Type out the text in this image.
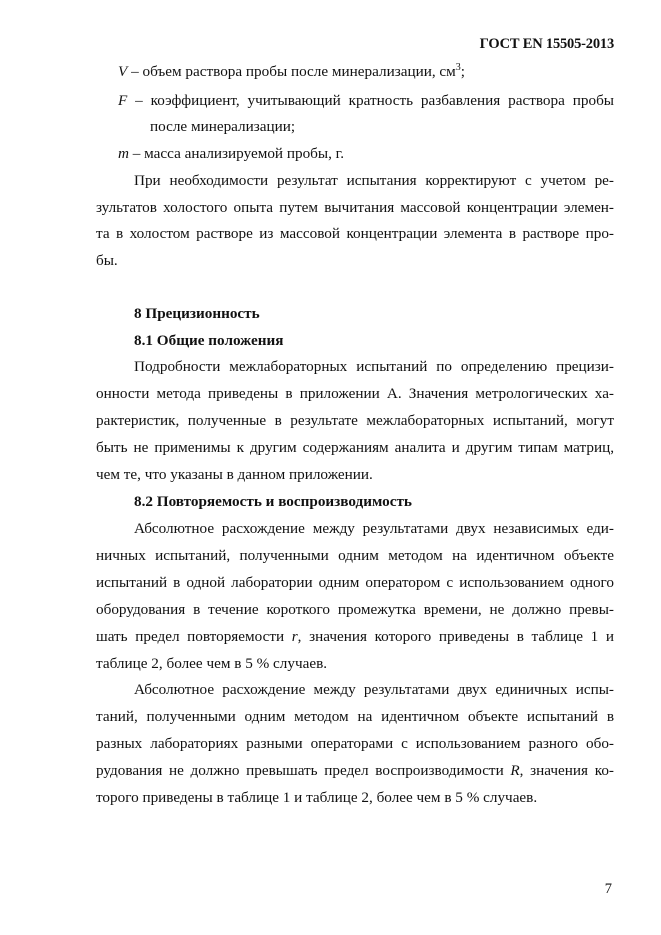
ГОСТ EN 15505-2013
V – объем раствора пробы после минерализации, $см^3$;
F – коэффициент, учитывающий кратность разбавления раствора пробы
после минерализации;
m – масса анализируемой пробы, г.
При необходимости результат испытания корректируют с учетом ре-
зультатов холостого опыта путем вычитания массовой концентрации элемен-
та в холостом растворе из массовой концентрации элемента в растворе про-
бы.
8 Прецизионность
8.1 Общие положения
Подробности межлабораторных испытаний по определению прецизи-
онности метода приведены в приложении А. Значения метрологических ха-
рактеристик, полученные в результате межлабораторных испытаний, могут
быть не применимы к другим содержаниям аналита и другим типам матриц,
чем те, что указаны в данном приложении.
8.2 Повторяемость и воспроизводимость
Абсолютное расхождение между результатами двух независимых еди-
ничных испытаний, полученными одним методом на идентичном объекте
испытаний в одной лаборатории одним оператором с использованием одного
оборудования в течение короткого промежутка времени, не должно превы-
шать предел повторяемости r, значения которого приведены в таблице 1 и
таблице 2, более чем в 5 % случаев.
Абсолютное расхождение между результатами двух единичных испы-
таний, полученными одним методом на идентичном объекте испытаний в
разных лабораториях разными операторами с использованием разного обо-
рудования не должно превышать предел воспроизводимости R, значения ко-
торого приведены в таблице 1 и таблице 2, более чем в 5 % случаев.
7
